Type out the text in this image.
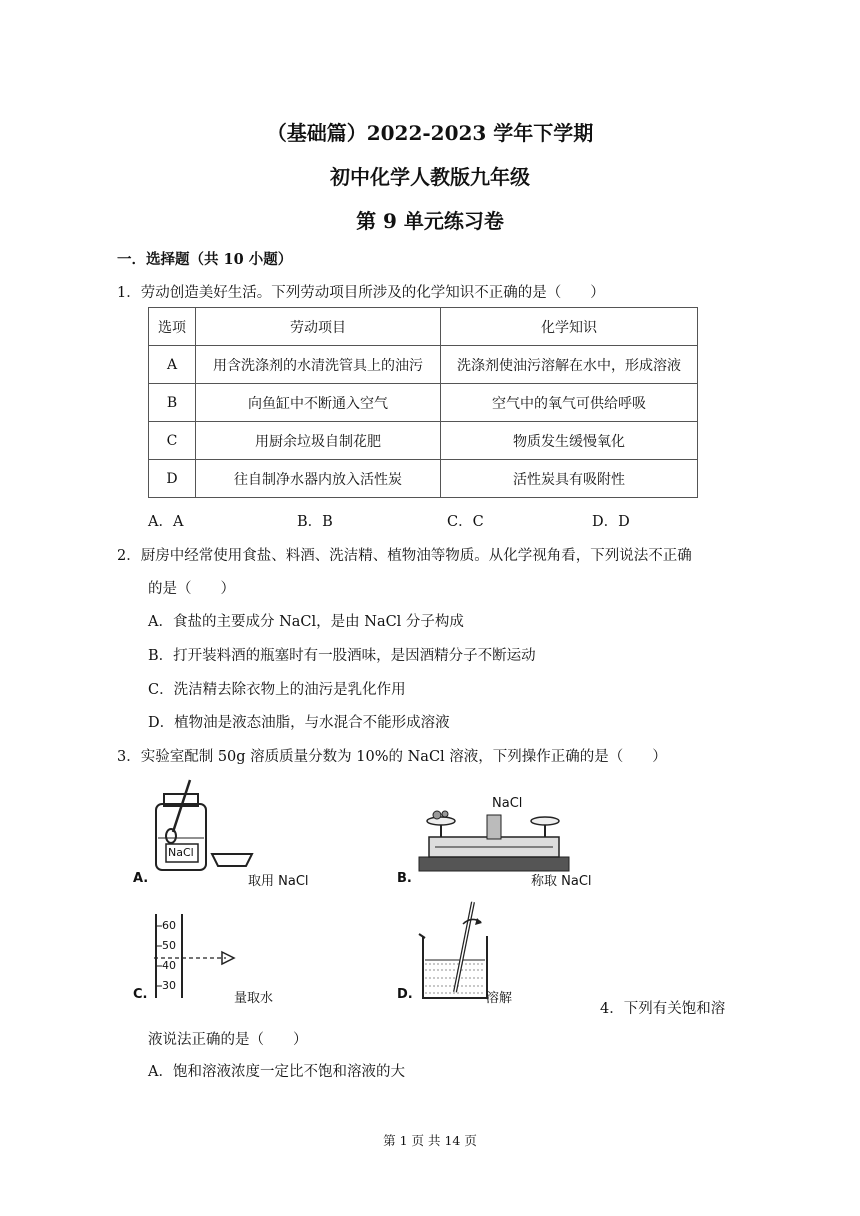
（基础篇）2022-2023 学年下学期
初中化学人教版九年级
第 9 单元练习卷
一．选择题（共 10 小题）
1．劳动创造美好生活。下列劳动项目所涉及的化学知识不正确的是（　　）
选项	劳动项目	化学知识
A	用含洗涤剂的水清洗管具上的油污	洗涤剂使油污溶解在水中，形成溶液
B	向鱼缸中不断通入空气	空气中的氧气可供给呼吸
C	用厨余垃圾自制花肥	物质发生缓慢氧化
D	往自制净水器内放入活性炭	活性炭具有吸附性
A．A	B．B	C．C	D．D
2．厨房中经常使用食盐、料酒、洗洁精、植物油等物质。从化学视角看，下列说法不正确
的是（　　）
A．食盐的主要成分 NaCl，是由 NaCl 分子构成
B．打开装料酒的瓶塞时有一股酒味，是因酒精分子不断运动
C．洗洁精去除衣物上的油污是乳化作用
D．植物油是液态油脂，与水混合不能形成溶液
3．实验室配制 50g 溶质质量分数为 10%的 NaCl 溶液，下列操作正确的是（　　）
NaCl
A.	取用 NaCl
NaCl
B.	称取 NaCl
60
50
40
30
C.	量取水	D.	溶解
4．下列有关饱和溶
液说法正确的是（　　）
A．饱和溶液浓度一定比不饱和溶液的大
第 1 页 共 14 页
